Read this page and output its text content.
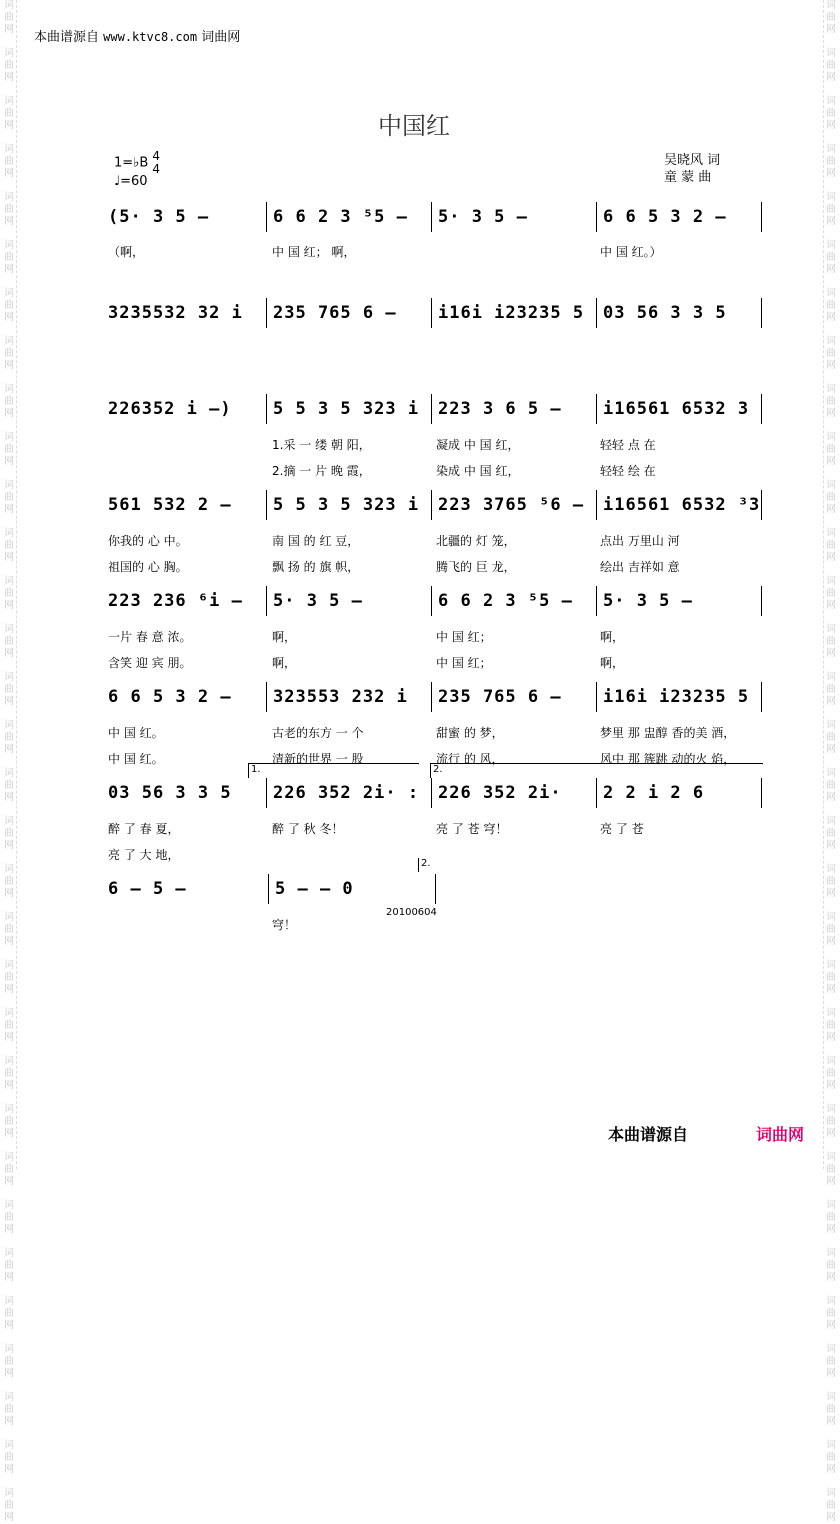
词
曲
网

词
曲
网

词
曲
网

词
曲
网

词
曲
网

词
曲
网

词
曲
网

词
曲
网

词
曲
网

词
曲
网

词
曲
网

词
曲
网

词
曲
网

词
曲
网

词
曲
网

词
曲
网

词
曲
网

词
曲
网

词
曲
网

词
曲
网

词
曲
网

词
曲
网

词
曲
网

词
曲
网

词
曲
网

词
曲
网

词
曲
网

词
曲
网

词
曲
网

词
曲
网

词
曲
网

词
曲
网

词
曲
网

词
曲
网

词
曲
网

词
曲
网

词
曲
网

词
曲
网

词
曲
网

词
曲
网

词
曲
网

词
曲
网

词
曲
网

词
曲
网

词
曲
网

词
曲
网

词
曲
网

词
曲
网

词
曲
网

词
曲
网

词
曲
网

词
曲
网

词
曲
网

词
曲
网

词
曲
网

词
曲
网

词
曲
网

词
曲
网

词
曲
网

词
曲
网

词
曲
网

词
曲
网

词
曲
网

词
曲
网

本曲谱源自 www.ktvc8.com 词曲网
中国红
1=♭B 4
4
♩=60
吴晓风 词
童 蒙 曲
(5· 3 5 —	6 6 2 3 ⁵5 —	5· 3 5 —	6 6 5 3 2 —
3235532 32 i	235 765 6 —	i16i i23235 5	03 56 3 3 5
226352 i —)	5 5 3 5 323 i	223 3 6 5 —	i16561 6532 3
561 532 2 —	5 5 3 5 323 i	223 3765 ⁵6 —	i16561 6532 ³3
223 236 ⁶i —	5· 3 5 —	6 6 2 3 ⁵5 —	5· 3 5 —
6 6 5 3 2 —	323553 232 i	235 765 6 —	i16i i23235 5
03 56 3 3 5	226 352 2i· :	226 352 2i·	2 2 i 2 6
6 — 5 —	5 — — 0
（啊，	中 国 红； 啊，	中 国 红。）
1.采 一 缕 朝 阳，	凝成 中 国 红，	轻轻 点 在
2.摘 一 片 晚 霞，	染成 中 国 红，	轻轻 绘 在
你我的 心 中。	南 国 的 红 豆，	北疆的 灯 笼，	点出 万里山 河
祖国的 心 胸。	飘 扬 的 旗 帜，	腾飞的 巨 龙，	绘出 吉祥如 意
一片 春 意 浓。	啊，	中 国 红；	啊，
含笑 迎 宾 朋。	啊，	中 国 红；	啊，
中 国 红。	古老的东方 一 个	甜蜜 的 梦，	梦里 那 盅醇 香的美 酒，
中 国 红。	清新的世界 一 股	流行 的 风，	风中 那 簇跳 动的火 焰，
醉 了 春 夏，	醉 了 秋 冬！	亮 了 苍 穹！	亮 了 苍
亮 了 大 地，
穹！
1.	2.
2.
20100604
本曲谱源自	词曲网
